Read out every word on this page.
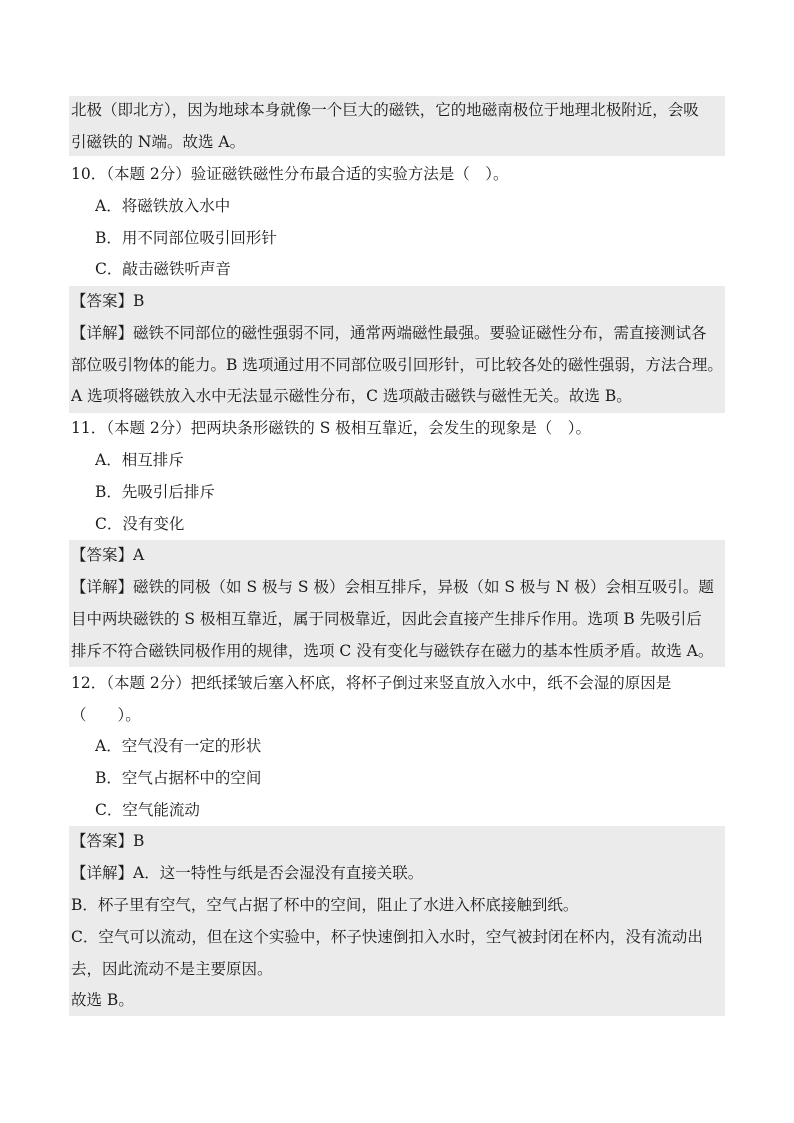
北极（即北方），因为地球本身就像一个巨大的磁铁，它的地磁南极位于地理北极附近，会吸
引磁铁的 N端。故选 A。
10．（本题 2分）验证磁铁磁性分布最合适的实验方法是（　）。
A．将磁铁放入水中
B．用不同部位吸引回形针
C．敲击磁铁听声音
【答案】B
【详解】磁铁不同部位的磁性强弱不同，通常两端磁性最强。要验证磁性分布，需直接测试各
部位吸引物体的能力。B 选项通过用不同部位吸引回形针，可比较各处的磁性强弱，方法合理。
A 选项将磁铁放入水中无法显示磁性分布，C 选项敲击磁铁与磁性无关。故选 B。
11．（本题 2分）把两块条形磁铁的 S 极相互靠近，会发生的现象是（　）。
A．相互排斥
B．先吸引后排斥
C．没有变化
【答案】A
【详解】磁铁的同极（如 S 极与 S 极）会相互排斥，异极（如 S 极与 N 极）会相互吸引。题
目中两块磁铁的 S 极相互靠近，属于同极靠近，因此会直接产生排斥作用。选项 B 先吸引后
排斥不符合磁铁同极作用的规律，选项 C 没有变化与磁铁存在磁力的基本性质矛盾。故选 A。
12．（本题 2分）把纸揉皱后塞入杯底，将杯子倒过来竖直放入水中，纸不会湿的原因是
（　　）。
A．空气没有一定的形状
B．空气占据杯中的空间
C．空气能流动
【答案】B
【详解】A．这一特性与纸是否会湿没有直接关联。
B．杯子里有空气，空气占据了杯中的空间，阻止了水进入杯底接触到纸。
C．空气可以流动，但在这个实验中，杯子快速倒扣入水时，空气被封闭在杯内，没有流动出
去，因此流动不是主要原因。
故选 B。
